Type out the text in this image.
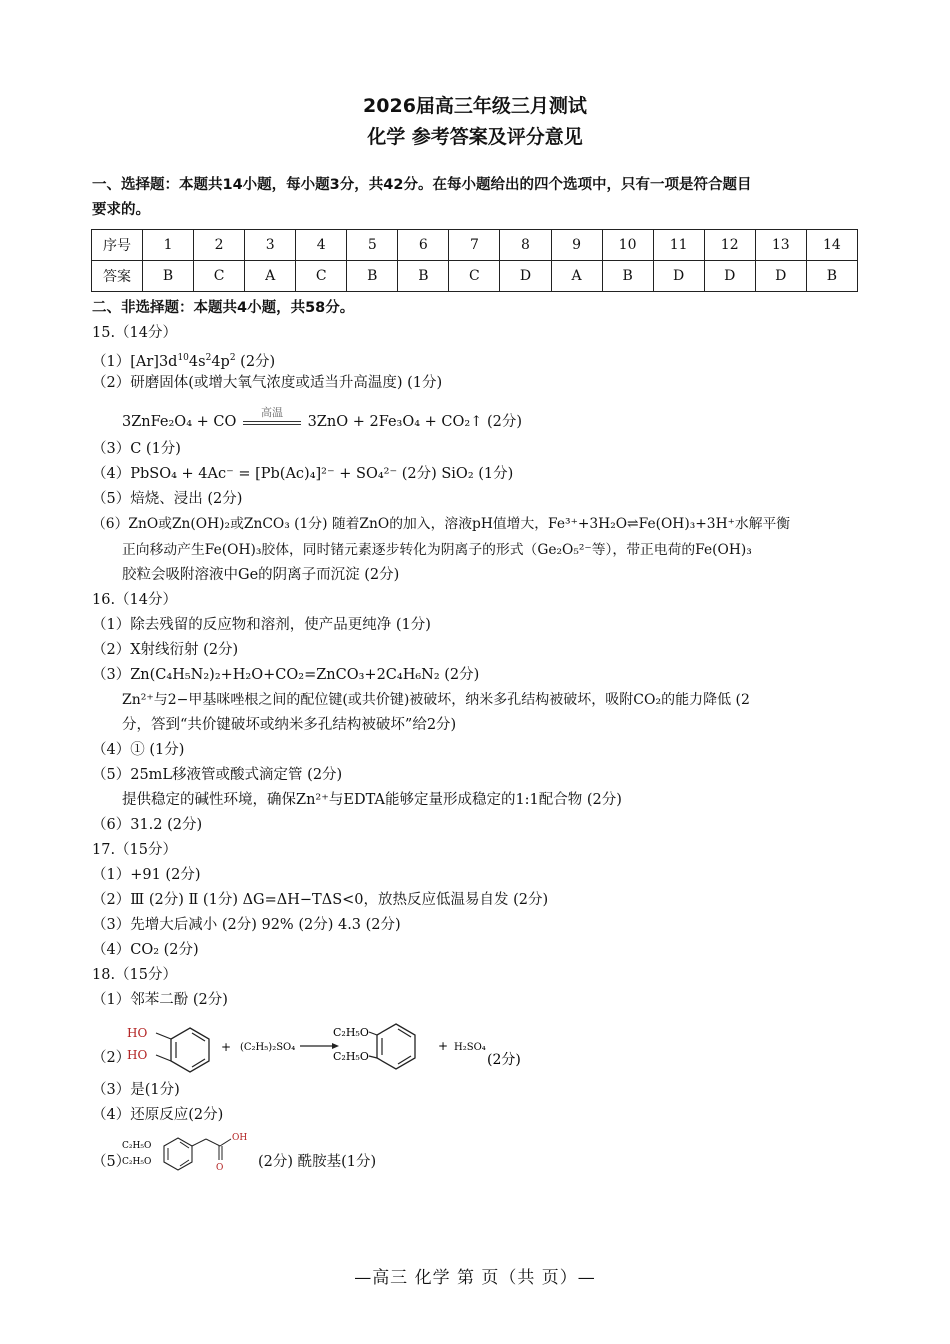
2026届高三年级三月测试
化学 参考答案及评分意见
一、选择题：本题共14小题，每小题3分，共42分。在每小题给出的四个选项中，只有一项是符合题目
要求的。
序号	1	2	3	4	5	6	7	8	9	10	11	12	13	14
答案	B	C	A	C	B	B	C	D	A	B	D	D	D	B
二、非选择题：本题共4小题，共58分。
15.（14分）
$(1)[Ar]3d^{10}4s^24p^2$ (2分)
（2）研磨固体(或增大氧气浓度或适当升高温度) (1分)
3ZnFe₂O₄ + CO
高温
3ZnO + 2Fe₃O₄ + CO₂↑ (2分)
（3）C (1分)
（4）PbSO₄ + 4Ac⁻ = [Pb(Ac)₄]²⁻ + SO₄²⁻ (2分) SiO₂ (1分)
（5）焙烧、浸出 (2分)
（6）ZnO或Zn(OH)₂或ZnCO₃ (1分) 随着ZnO的加入，溶液pH值增大，Fe³⁺+3H₂O⇌Fe(OH)₃+3H⁺水解平衡
正向移动产生Fe(OH)₃胶体，同时锗元素逐步转化为阴离子的形式（Ge₂O₅²⁻等），带正电荷的Fe(OH)₃
胶粒会吸附溶液中Ge的阴离子而沉淀 (2分)
16.（14分）
（1）除去残留的反应物和溶剂，使产品更纯净 (1分)
（2）X射线衍射 (2分)
（3）Zn(C₄H₅N₂)₂+H₂O+CO₂=ZnCO₃+2C₄H₆N₂ (2分)
Zn²⁺与2−甲基咪唑根之间的配位键(或共价键)被破坏，纳米多孔结构被破坏，吸附CO₂的能力降低 (2
分，答到“共价键破坏或纳米多孔结构被破坏”给2分)
（4）① (1分)
（5）25mL移液管或酸式滴定管 (2分)
提供稳定的碱性环境，确保Zn²⁺与EDTA能够定量形成稳定的1:1配合物 (2分)
（6）31.2 (2分)
17.（15分）
（1）+91 (2分)
（2）Ⅲ (2分) Ⅱ (1分) ΔG=ΔH−TΔS<0，放热反应低温易自发 (2分)
（3）先增大后减小 (2分) 92% (2分) 4.3 (2分)
（4）CO₂ (2分)
18.（15分）
（1）邻苯二酚 (2分)
（2）
HO
HO
+ (C₂H₅)₂SO₄
C₂H₅O
C₂H₅O
+ H₂SO₄
(2分)
（3）是(1分)
（4）还原反应(2分)
（5）
C₂H₅O
C₂H₅O
OH
O (2分) 酰胺基(1分)
—高三 化学 第 页（共 页）—
